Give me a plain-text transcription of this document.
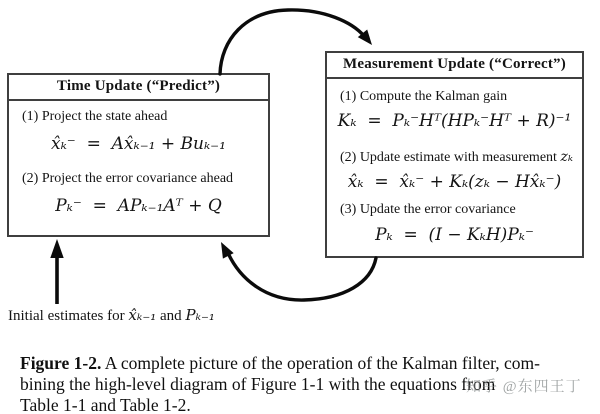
Time Update (“Predict”)
(1) Project the state ahead
x̂ₖ⁻  =  Ax̂ₖ₋₁ + Buₖ₋₁
(2) Project the error covariance ahead
Pₖ⁻  =  APₖ₋₁Aᵀ + Q
Measurement Update (“Correct”)
(1) Compute the Kalman gain
Kₖ  =  Pₖ⁻Hᵀ(HPₖ⁻Hᵀ + R)⁻¹
(2) Update estimate with measurement zₖ
x̂ₖ  =  x̂ₖ⁻ + Kₖ(zₖ − Hx̂ₖ⁻)
(3) Update the error covariance
Pₖ  =  (I − KₖH)Pₖ⁻
Initial estimates for x̂ₖ₋₁ and Pₖ₋₁
Figure 1-2. A complete picture of the operation of the Kalman filter, com-
bining the high-level diagram of Figure 1-1 with the equations from
Table 1-1 and Table 1-2.
知乎 @东四王丁
